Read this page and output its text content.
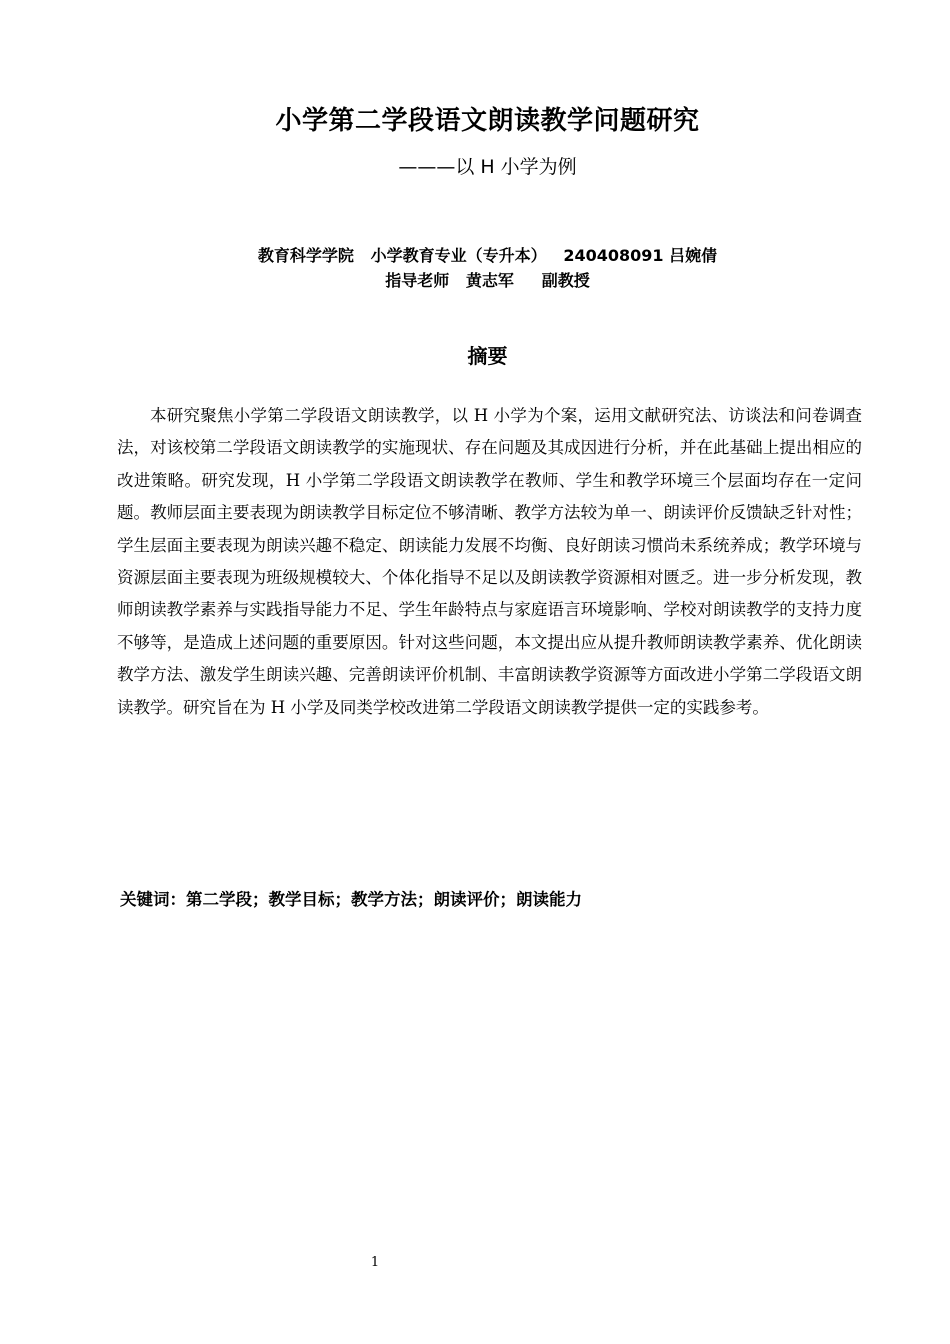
小学第二学段语文朗读教学问题研究
———以 H 小学为例
教育科学学院   小学教育专业（专升本）   240408091 吕婉倩
指导老师   黄志军     副教授
摘要
本研究聚焦小学第二学段语文朗读教学，以 H 小学为个案，运用文献研究法、访谈法和问卷调查法，对该校第二学段语文朗读教学的实施现状、存在问题及其成因进行分析，并在此基础上提出相应的改进策略。研究发现，H 小学第二学段语文朗读教学在教师、学生和教学环境三个层面均存在一定问题。教师层面主要表现为朗读教学目标定位不够清晰、教学方法较为单一、朗读评价反馈缺乏针对性；学生层面主要表现为朗读兴趣不稳定、朗读能力发展不均衡、良好朗读习惯尚未系统养成；教学环境与资源层面主要表现为班级规模较大、个体化指导不足以及朗读教学资源相对匮乏。进一步分析发现，教师朗读教学素养与实践指导能力不足、学生年龄特点与家庭语言环境影响、学校对朗读教学的支持力度不够等，是造成上述问题的重要原因。针对这些问题，本文提出应从提升教师朗读教学素养、优化朗读教学方法、激发学生朗读兴趣、完善朗读评价机制、丰富朗读教学资源等方面改进小学第二学段语文朗读教学。研究旨在为 H 小学及同类学校改进第二学段语文朗读教学提供一定的实践参考。
关键词：第二学段；教学目标；教学方法；朗读评价；朗读能力
1
